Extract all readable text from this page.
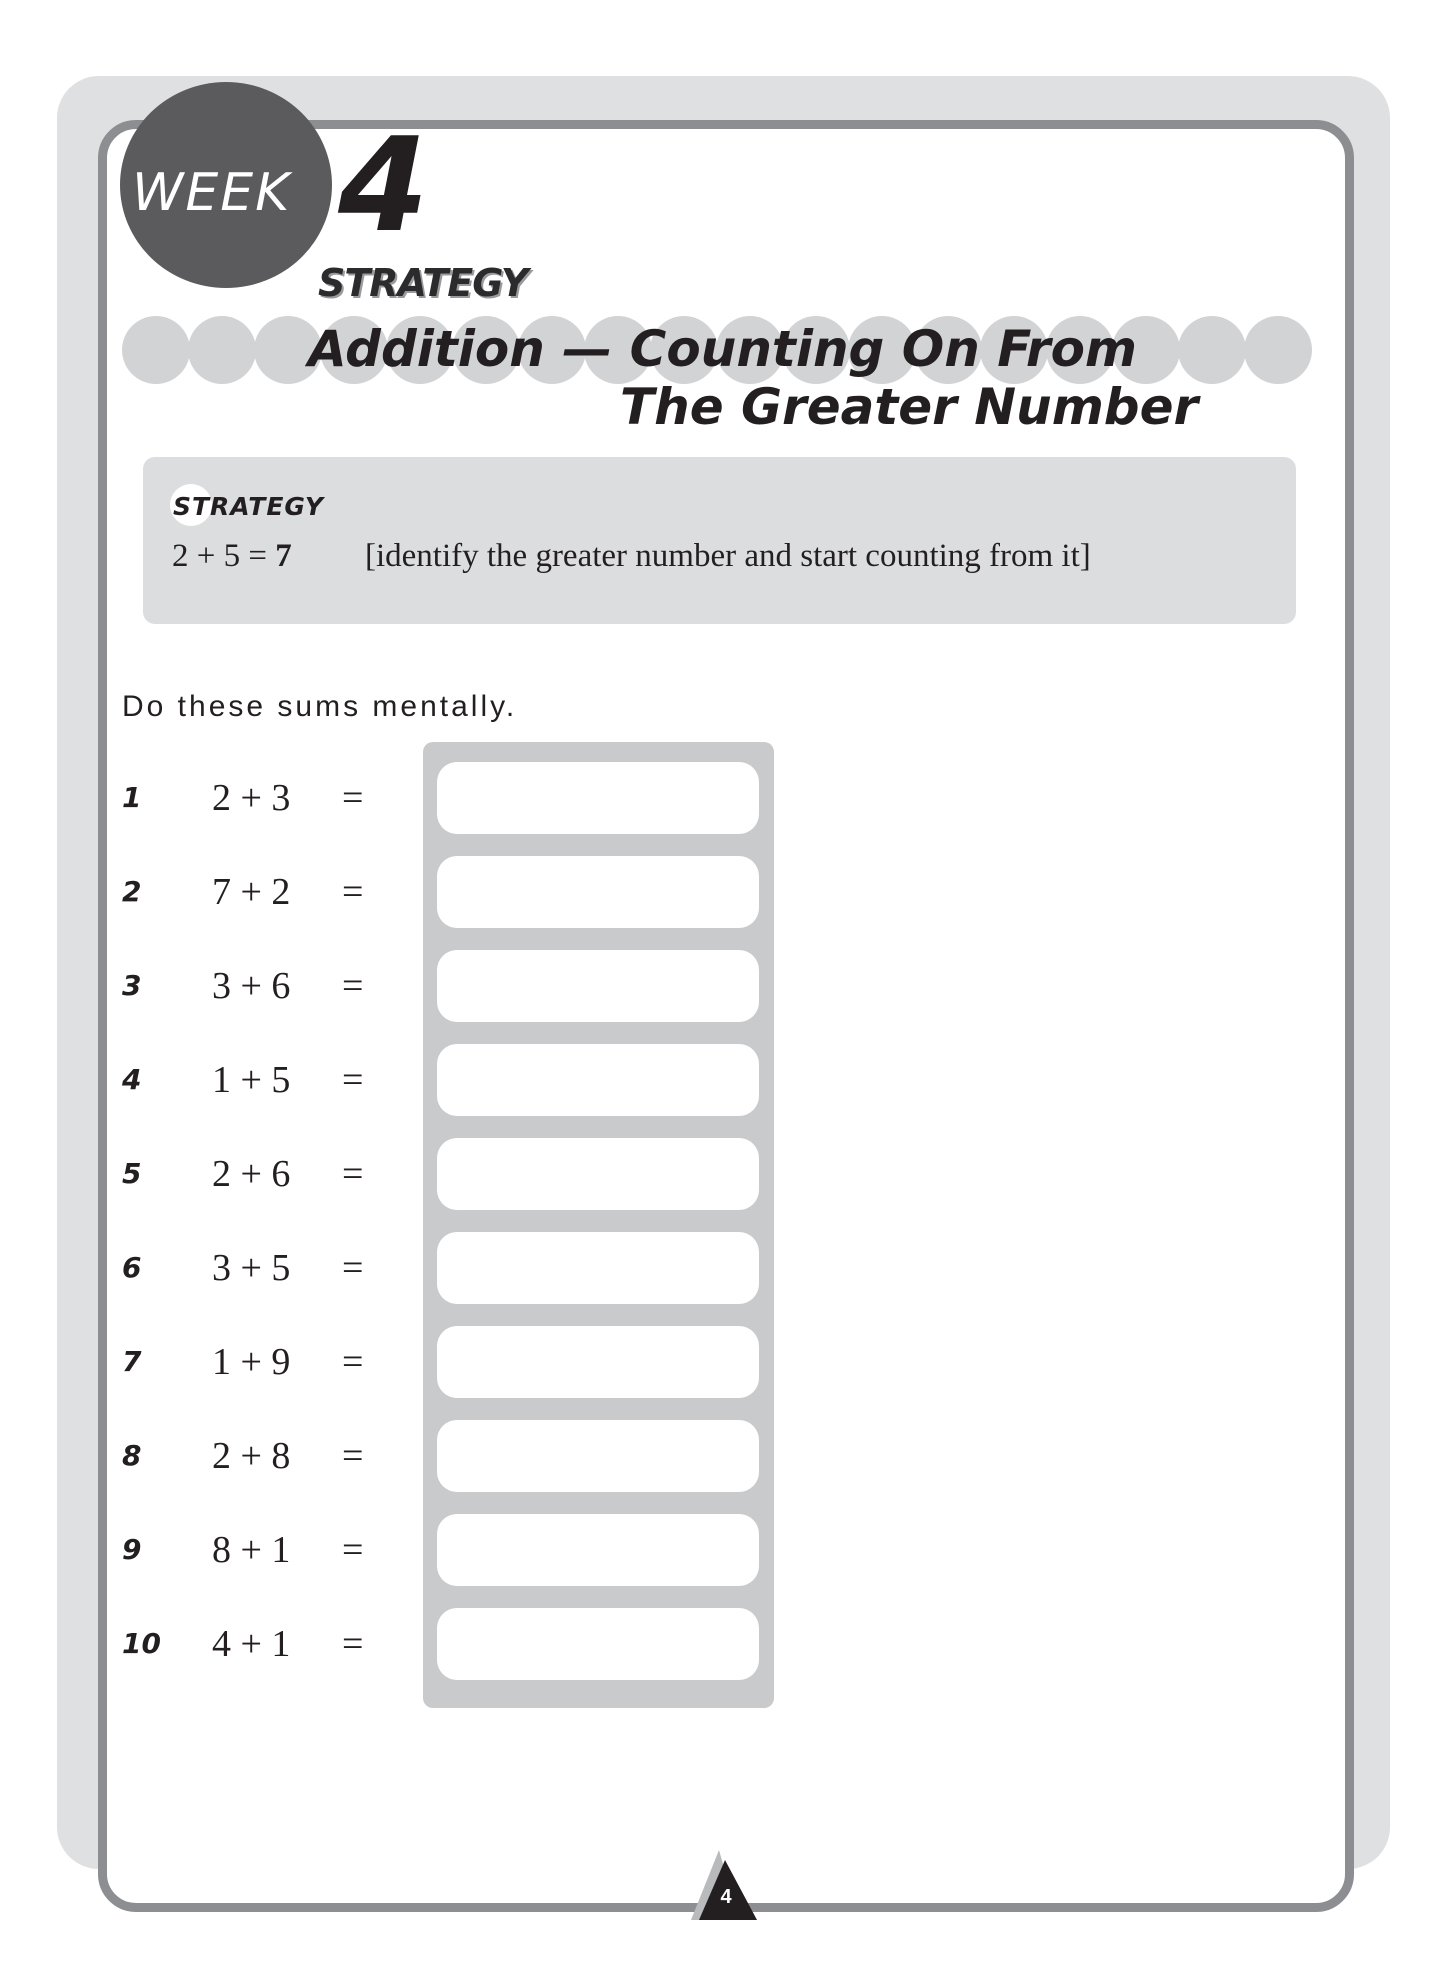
WEEK 4
STRATEGY
Addition — Counting On From
The Greater Number
STRATEGY
2 + 5 = 7 [identify the greater number and start counting from it]
Do these sums mentally.
1	2 + 3	=
2	7 + 2	=
3	3 + 6	=
4	1 + 5	=
5	2 + 6	=
6	3 + 5	=
7	1 + 9	=
8	2 + 8	=
9	8 + 1	=
10	4 + 1	=
4
